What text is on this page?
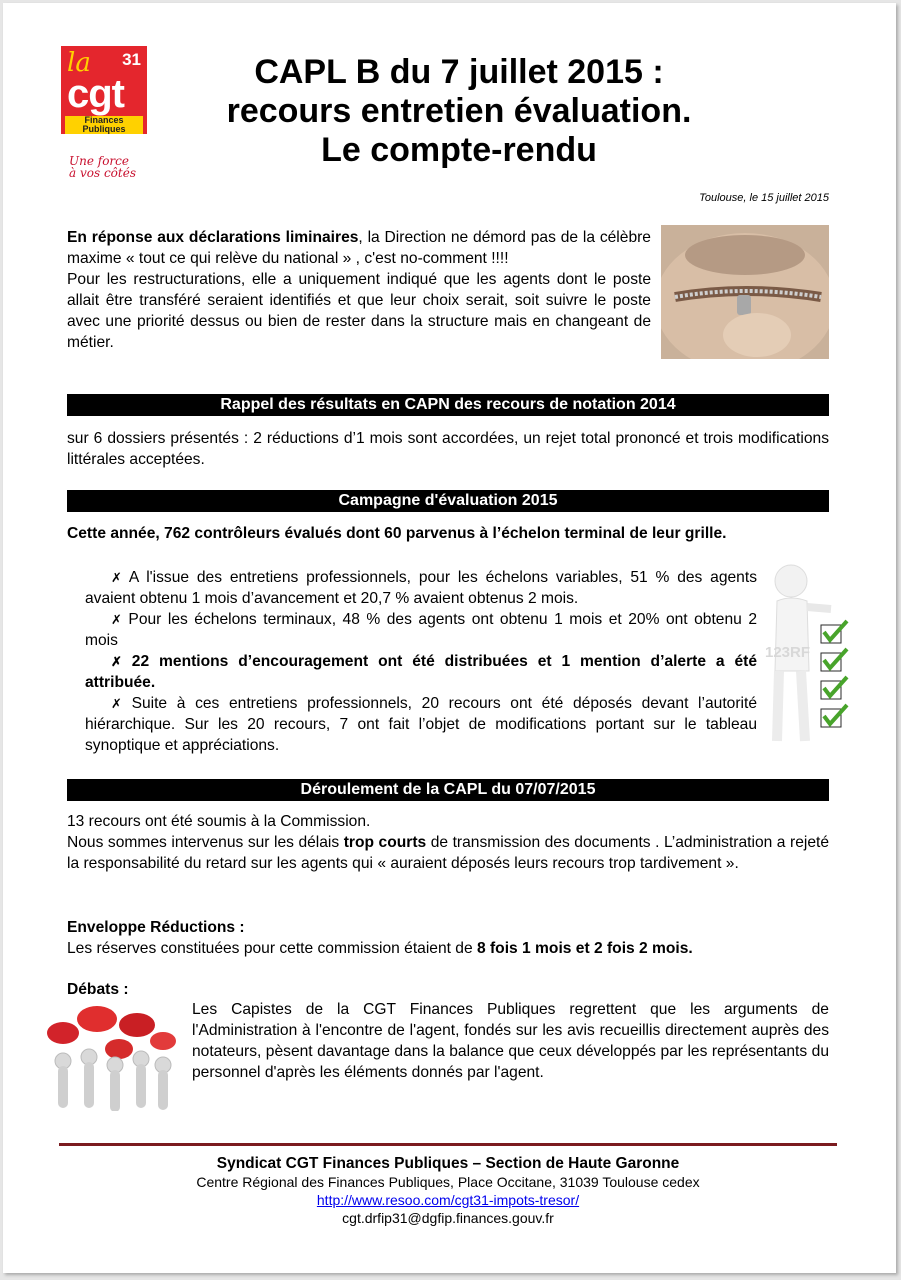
la 31
cgt
Finances
Publiques
Une force
à vos côtés
CAPL B du 7 juillet 2015 :
recours entretien évaluation.
Le compte-rendu
Toulouse, le 15 juillet 2015
En réponse aux déclarations liminaires, la Direction ne démord pas de la célèbre maxime « tout ce qui relève du national » , c'est no-comment !!!!
Pour les restructurations, elle a uniquement indiqué que les agents dont le poste allait être transféré seraient identifiés et que leur choix serait, soit suivre le poste avec une priorité dessus ou bien de rester dans la structure mais en changeant de métier.
Rappel des résultats en CAPN des recours de notation 2014
sur 6 dossiers présentés : 2 réductions d’1 mois sont accordées, un rejet total prononcé et trois modifications littérales acceptées.
Campagne d'évaluation 2015
Cette année, 762 contrôleurs évalués dont 60 parvenus à l’échelon terminal de leur grille.

✗ A l'issue des entretiens professionnels, pour les échelons variables, 51 % des agents avaient obtenu 1 mois d’avancement et 20,7 % avaient obtenus 2 mois.

✗ Pour les échelons terminaux, 48 % des agents ont obtenu 1 mois et 20% ont obtenu 2 mois

✗ 22 mentions d’encouragement ont été distribuées et 1 mention d’alerte a été attribuée.

✗ Suite à ces entretiens professionnels, 20 recours ont été déposés devant l’autorité hiérarchique. Sur les 20 recours, 7 ont fait l’objet de modifications portant sur le tableau synoptique et appréciations.

123RF
Déroulement de la CAPL du 07/07/2015

13 recours ont été soumis à la Commission.

Nous sommes intervenus sur les délais trop courts de transmission des documents . L’administration a rejeté la responsabilité du retard sur les agents qui « auraient déposés leurs recours trop tardivement ».

Enveloppe Réductions :
Les réserves constituées pour cette commission étaient de 8 fois 1 mois et 2 fois 2 mois.
Débats :
Les Capistes de la CGT Finances Publiques regrettent que les arguments de l'Administration à l'encontre de l'agent, fondés sur les avis recueillis directement auprès des notateurs, pèsent davantage dans la balance que ceux développés par les représentants du personnel d'après les éléments donnés par l'agent.
Syndicat CGT Finances Publiques – Section de Haute Garonne
Centre Régional des Finances Publiques, Place Occitane, 31039 Toulouse cedex
http://www.resoo.com/cgt31-impots-tresor/
cgt.drfip31@dgfip.finances.gouv.fr
